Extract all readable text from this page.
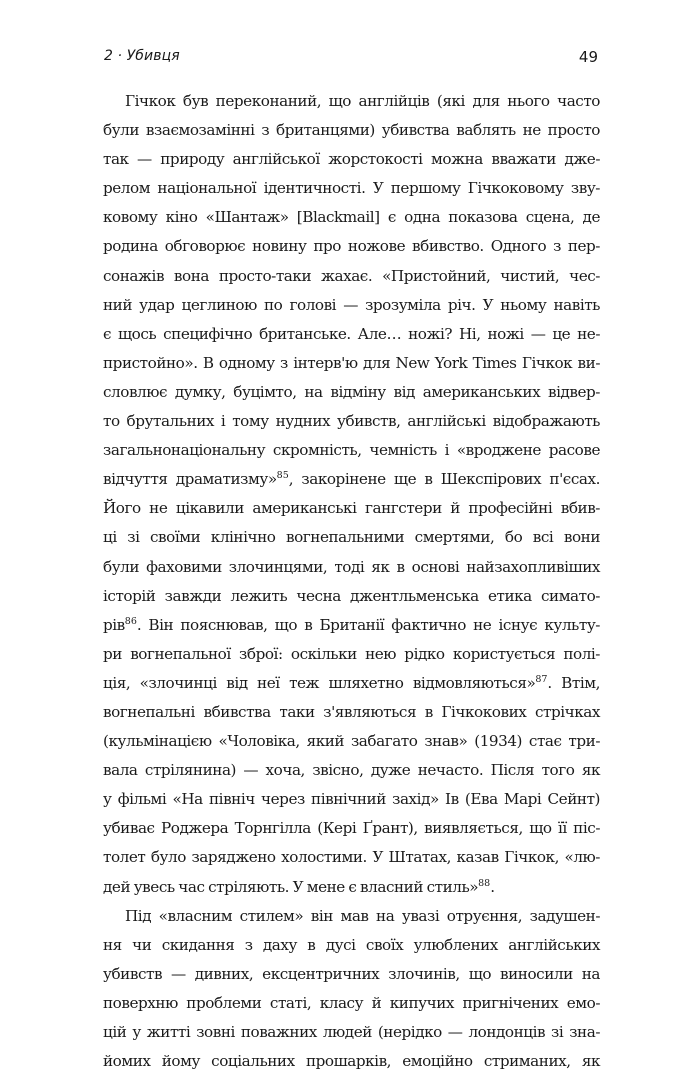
2 · Убивця	49
Гічкок був переконаний, що англійців (які для нього часто
були взаємозамінні з британцями) убивства ваблять не просто
так — природу англійської жорстокості можна вважати дже-
релом національної ідентичності. У першому Гічкоковому зву-
ковому кіно «Шантаж» [Blackmail] є одна показова сцена, де
родина обговорює новину про ножове вбивство. Одного з пер-
сонажів вона просто-таки жахає. «Пристойний, чистий, чес-
ний удар цеглиною по голові — зрозуміла річ. У ньому навіть
є щось специфічно британське. Але… ножі? Ні, ножі — це не-
пристойно». В одному з інтерв'ю для New York Times Гічкок ви-
словлює думку, буцімто, на відміну від американських відвер-
то брутальних і тому нудних убивств, англійські відображають
загальнонаціональну скромність, чемність і «вроджене расове
відчуття драматизму»$^{85}$, закорінене ще в Шекспірових п'єсах.
Його не цікавили американські гангстери й професійні вбив-
ці зі своїми клінічно вогнепальними смертями, бо всі вони
були фаховими злочинцями, тоді як в основі найзахопливіших
історій завжди лежить чесна джентльменська етика симато-
рів$^{86}$. Він пояснював, що в Британії фактично не існує культу-
ри вогнепальної зброї: оскільки нею рідко користується полі-
ція, «злочинці від неї теж шляхетно відмовляються»$^{87}$. Втім,
вогнепальні вбивства таки з'являються в Гічкокових стрічках
(кульмінацією «Чоловіка, який забагато знав» (1934) стає три-
вала стрілянина) — хоча, звісно, дуже нечасто. Після того як
у фільмі «На північ через північний захід» Ів (Ева Марі Сейнт)
убиває Роджера Торнгілла (Кері Ґрант), виявляється, що її піс-
толет було заряджено холостими. У Штатах, казав Гічкок, «лю-
дей увесь час стріляють. У мене є власний стиль»$^{88}$.
Під «власним стилем» він мав на увазі отруєння, задушен-
ня чи скидання з даху в дусі своїх улюблених англійських
убивств — дивних, ексцентричних злочинів, що виносили на
поверхню проблеми статі, класу й кипучих пригнічених емо-
цій у житті зовні поважних людей (нерідко — лондонців зі зна-
йомих йому соціальних прошарків, емоційно стриманих, як
